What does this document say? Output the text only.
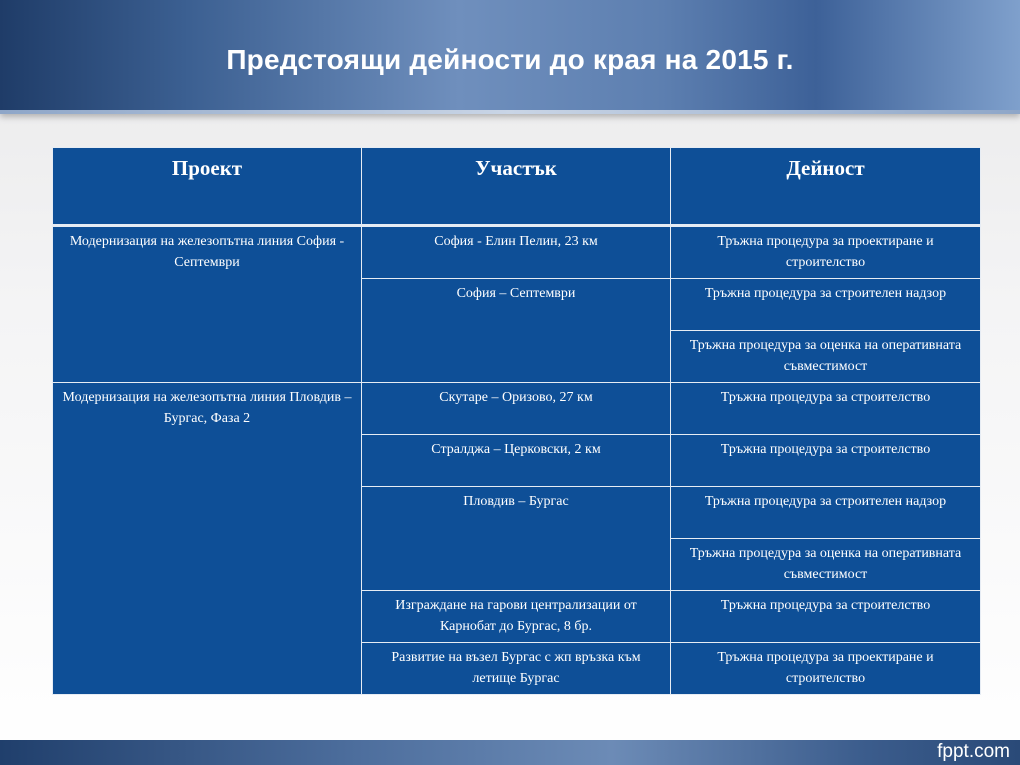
Предстоящи дейности до края на 2015 г.
Проект	Участък	Дейност
Модернизация на железопътна линия София - Септември	София - Елин Пелин, 23 км	Тръжна процедура за проектиране и строителство
	София – Септември	Тръжна процедура за строителен надзор
		Тръжна процедура за оценка на оперативната съвместимост
Модернизация на железопътна линия Пловдив – Бургас, Фаза 2	Скутаре – Оризово, 27 км	Тръжна процедура за строителство
	Стралджа – Церковски, 2 км	Тръжна процедура за строителство
	Пловдив – Бургас	Тръжна процедура за строителен надзор
		Тръжна процедура за оценка на оперативната съвместимост
	Изграждане на гарови централизации от Карнобат до Бургас, 8 бр.	Тръжна процедура за строителство
	Развитие на възел Бургас с жп връзка към летище Бургас	Тръжна процедура за проектиране и строителство
fppt.com
